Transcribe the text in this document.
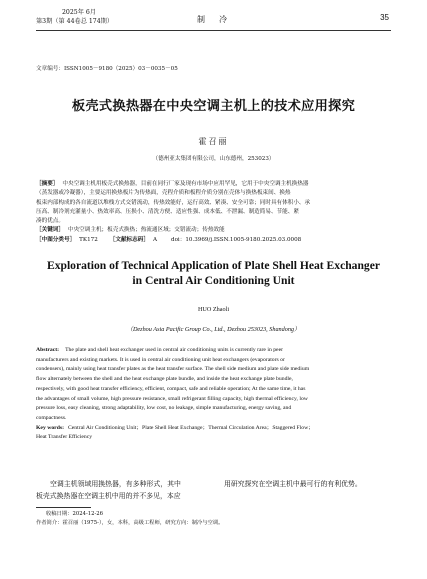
2025年 6月
第3期（第 44卷总 174期）	制　冷	35
文章编号：ISSN1005－9180（2025）03－0035－05
板壳式换热器在中央空调主机上的技术应用探究
霍召丽
（德州亚太集团有限公司，山东德州，253023）
［摘要］ 中央空调主机用板壳式换热器，目前在同行厂家及现有市场中应用罕见，它用于中央空调主机换热器
（蒸发器或冷凝器），主要运用换热板片为传热面，壳程介质和板程介质分别在壳体与换热板束间、换热
板束内部构成的各自流道以堆栈方式交错流动，传热效能好，运行高效、紧凑、安全可靠；同时具有体积小、承
压高、制冷剂充灌量小、热效率高、压损小、清洗方便、适应性强、成本低、不泄漏、制造简易、节能、紧
凑的优点。
［关键词］ 中央空调主机；板壳式换热；热流通区域；交错流动；传热效能
［中图分类号］ TK172 ［文献标志码］ A	doi：10.3969/j.ISSN.1005-9180.2025.03.0008
Exploration of Technical Application of Plate Shell Heat Exchanger
in Central Air Conditioning Unit
HUO Zhaoli
（Dezhou Asia Pacific Group Co., Ltd., Dezhou 253023, Shandong）
Abstract: The plate and shell heat exchanger used in central air conditioning units is currently rare in peer
manufacturers and existing markets. It is used in central air conditioning unit heat exchangers (evaporators or
condensers), mainly using heat transfer plates as the heat transfer surface. The shell side medium and plate side medium
flow alternately between the shell and the heat exchange plate bundle, and inside the heat exchange plate bundle,
respectively, with good heat transfer efficiency, efficient, compact, safe and reliable operation; At the same time, it has
the advantages of small volume, high pressure resistance, small refrigerant filling capacity, high thermal efficiency, low
pressure loss, easy cleaning, strong adaptability, low cost, no leakage, simple manufacturing, energy saving, and
compactness.
Key words: Central Air Conditioning Unit；Plate Shell Heat Exchange；Thermal Circulation Area；Staggered Flow；
Heat Transfer Efficiency
空调主机领域用换热器，有多种形式，其中
板壳式换热器在空调主机中用的并不多见，本应
用研究探究在空调主机中最可行的有利优势。
收稿日期：2024-12-26
作者简介：霍召丽（1975-），女，本科，高级工程师，研究方向：制冷与空调。
